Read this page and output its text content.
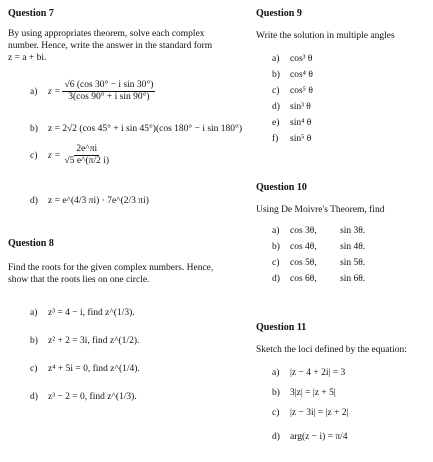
Question 7
By using appropriates theorem, solve each complex number. Hence, write the answer in the standard form z = a + bi.
a)	$z = \frac{\text{√6 (cos 30° − i sin 30°)}}{\text{3(cos 90° + i sin 90°)}}$
b)	z = 2√2 (cos 45° + i sin 45°)(cos 180° − i sin 180°)
c)	$z = \frac{2e\^{}\pi i}{√5 e\^{}(\pi/2 i)}$
d)	z = e^(4/3 πi) · 7e^(2/3 πi)
Question 8
Find the roots for the given complex numbers. Hence, show that the roots lies on one circle.
a)	z³ = 4 − i, find z^(1/3).
b)	z² + 2 = 3i, find z^(1/2).
c)	z⁴ + 5i = 0, find z^(1/4).
d)	z³ − 2 = 0, find z^(1/3).
Question 9
Write the solution in multiple angles
a)	cos³ θ
b)	cos⁴ θ
c)	cos⁵ θ
d)	sin³ θ
e)	sin⁴ θ
f)	sin⁵ θ
Question 10
Using De Moivre's Theorem, find
a)	cos 3θ,	sin 3θ.
b)	cos 4θ,	sin 4θ.
c)	cos 5θ,	sin 5θ.
d)	cos 6θ,	sin 6θ.
Question 11
Sketch the loci defined by the equation:
a)	|z − 4 + 2i| = 3
b)	3|z| = |z + 5|
c)	|z − 3i| = |z + 2|
d)	arg(z − i) = π/4
